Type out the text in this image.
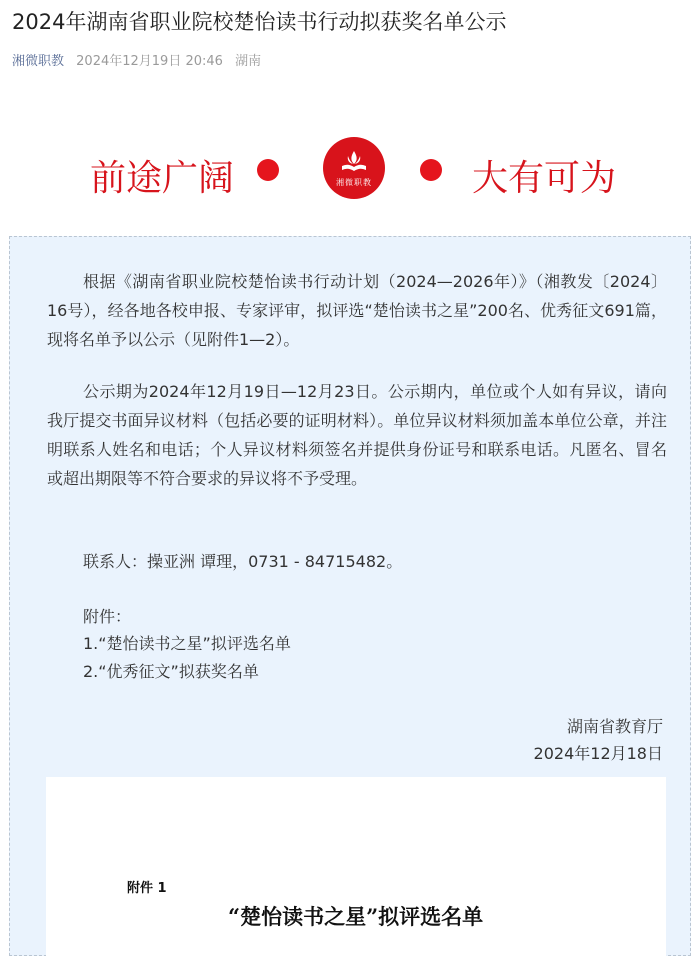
2024年湖南省职业院校楚怡读书行动拟获奖名单公示
湘微职教 2024年12月19日 20:46 湖南
前途广阔	湘微职教	大有可为

根据《湖南省职业院校楚怡读书行动计划（2024—2026年）》（湘教发〔2024〕16号），经各地各校申报、专家评审，拟评选“楚怡读书之星”200名、优秀征文691篇，现将名单予以公示（见附件1—2）。

公示期为2024年12月19日—12月23日。公示期内，单位或个人如有异议，请向我厅提交书面异议材料（包括必要的证明材料）。单位异议材料须加盖本单位公章，并注明联系人姓名和电话；个人异议材料须签名并提供身份证号和联系电话。凡匿名、冒名或超出期限等不符合要求的异议将不予受理。

联系人：操亚洲 谭理，0731 - 84715482。
附件：
1.“楚怡读书之星”拟评选名单
2.“优秀征文”拟获奖名单
湖南省教育厅
2024年12月18日
附件 1
“楚怡读书之星”拟评选名单
